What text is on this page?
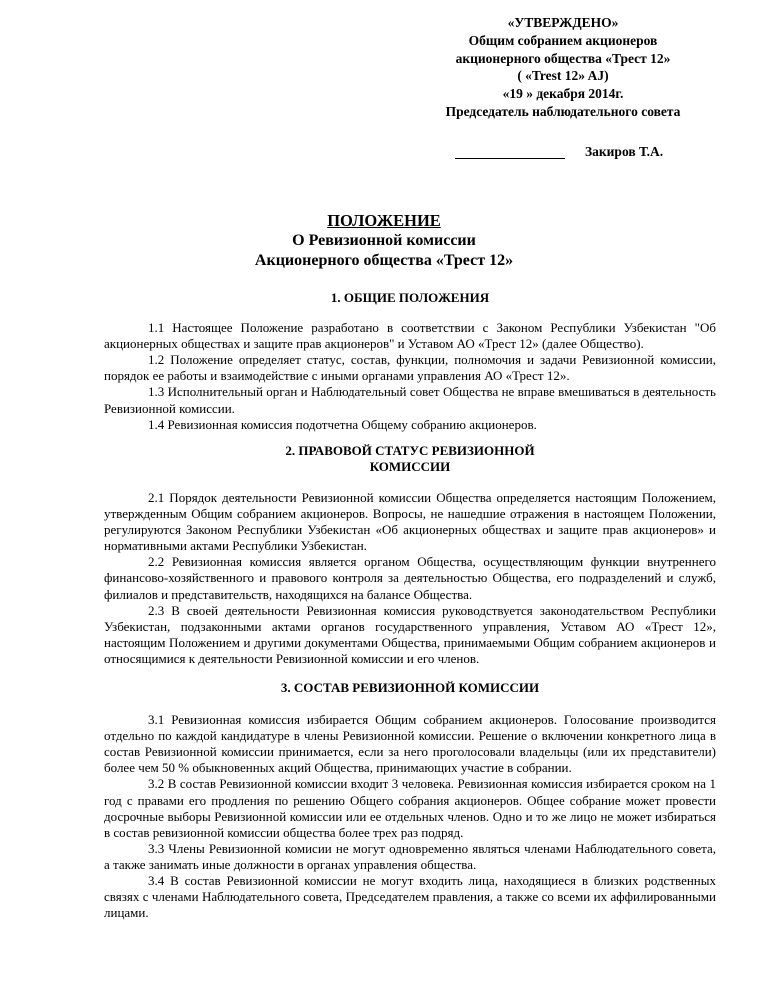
«УТВЕРЖДЕНО»
Общим собранием акционеров
акционерного общества «Трест 12»
( «Trest 12» AJ)
«19 » декабря 2014г.
Председатель наблюдательного совета
Закиров Т.А.
ПОЛОЖЕНИЕ
О Ревизионной комиссии
Акционерного общества «Трест 12»
1. ОБЩИЕ ПОЛОЖЕНИЯ

1.1 Настоящее Положение разработано в соответствии с Законом Республики Узбекистан "Об акционерных обществах и защите прав акционеров" и Уставом АО «Трест 12» (далее Общество).

1.2 Положение определяет статус, состав, функции, полномочия и задачи Ревизионной комиссии, порядок ее работы и взаимодействие с иными органами управления АО «Трест 12».

1.3 Исполнительный орган и Наблюдательный совет Общества не вправе вмешиваться в деятельность Ревизионной комиссии.

1.4 Ревизионная комиссия подотчетна Общему собранию акционеров.

2. ПРАВОВОЙ СТАТУС РЕВИЗИОННОЙ
КОМИССИИ

2.1 Порядок деятельности Ревизионной комиссии Общества определяется настоящим Положением, утвержденным Общим собранием акционеров. Вопросы, не нашедшие отражения в настоящем Положении, регулируются Законом Республики Узбекистан «Об акционерных обществах и защите прав акционеров» и нормативными актами Республики Узбекистан.

2.2 Ревизионная комиссия является органом Общества, осуществляющим функции внутреннего финансово-хозяйственного и правового контроля за деятельностью Общества, его подразделений и служб, филиалов и представительств, находящихся на балансе Общества.

2.3 В своей деятельности Ревизионная комиссия руководствуется законодательством Республики Узбекистан, подзаконными актами органов государственного управления, Уставом АО «Трест 12», настоящим Положением и другими документами Общества, принимаемыми Общим собранием акционеров и относящимися к деятельности Ревизионной комиссии и его членов.

3. СОСТАВ РЕВИЗИОННОЙ КОМИССИИ

3.1 Ревизионная комиссия избирается Общим собранием акционеров. Голосование производится отдельно по каждой кандидатуре в члены Ревизионной комиссии. Решение о включении конкретного лица в состав Ревизионной комиссии принимается, если за него проголосовали владельцы (или их представители) более чем 50 % обыкновенных акций Общества, принимающих участие в собрании.

3.2 В состав Ревизионной комиссии входит 3 человека. Ревизионная комиссия избирается сроком на 1 год с правами его продления по решению Общего собрания акционеров. Общее собрание может провести досрочные выборы Ревизионной комиссии или ее отдельных членов. Одно и то же лицо не может избираться в состав ревизионной комиссии общества более трех раз подряд.

3.3 Члены Ревизионной комисии не могут одновременно являться членами Наблюдательного совета, а также занимать иные должности в органах управления общества.

3.4 В состав Ревизионной комиссии не могут входить лица, находящиеся в близких родственных связях с членами Наблюдательного совета, Председателем правления, а также со всеми их аффилированными лицами.
